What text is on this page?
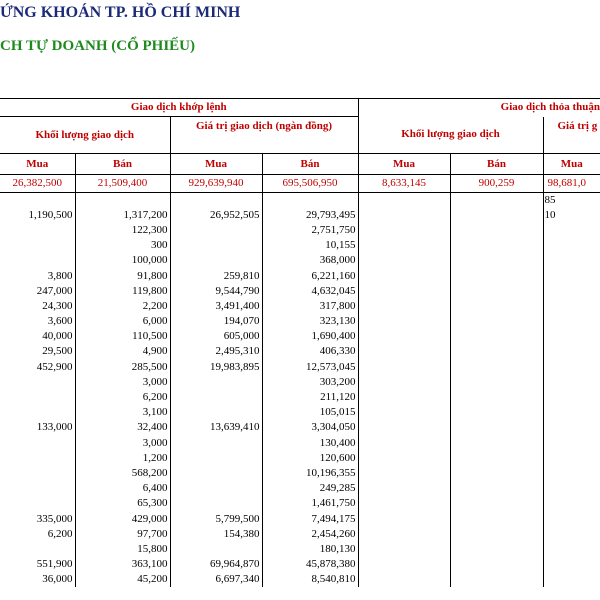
ỨNG KHOÁN TP. HỒ CHÍ MINH
CH TỰ DOANH (CỔ PHIẾU)
Giao dịch khớp lệnh				Giao dịch thỏa thuận		
Khối lượng giao dịch		Giá trị giao dịch (ngàn đồng)		Khối lượng giao dịch		Giá trị g
Mua	Bán	Mua	Bán	Mua	Bán	Mua
26,382,500	21,509,400	929,639,940	695,506,950	8,633,145	900,259	98,681,0
						85
1,190,500	1,317,200	26,952,505	29,793,495			10
	122,300		2,751,750			
	300		10,155			
	100,000		368,000			
3,800	91,800	259,810	6,221,160			
247,000	119,800	9,544,790	4,632,045			
24,300	2,200	3,491,400	317,800			
3,600	6,000	194,070	323,130			
40,000	110,500	605,000	1,690,400			
29,500	4,900	2,495,310	406,330			
452,900	285,500	19,983,895	12,573,045			
	3,000		303,200			
	6,200		211,120			
	3,100		105,015			
133,000	32,400	13,639,410	3,304,050			
	3,000		130,400			
	1,200		120,600			
	568,200		10,196,355			
	6,400		249,285			
	65,300		1,461,750			
335,000	429,000	5,799,500	7,494,175			
6,200	97,700	154,380	2,454,260			
	15,800		180,130			
551,900	363,100	69,964,870	45,878,380			
36,000	45,200	6,697,340	8,540,810			
